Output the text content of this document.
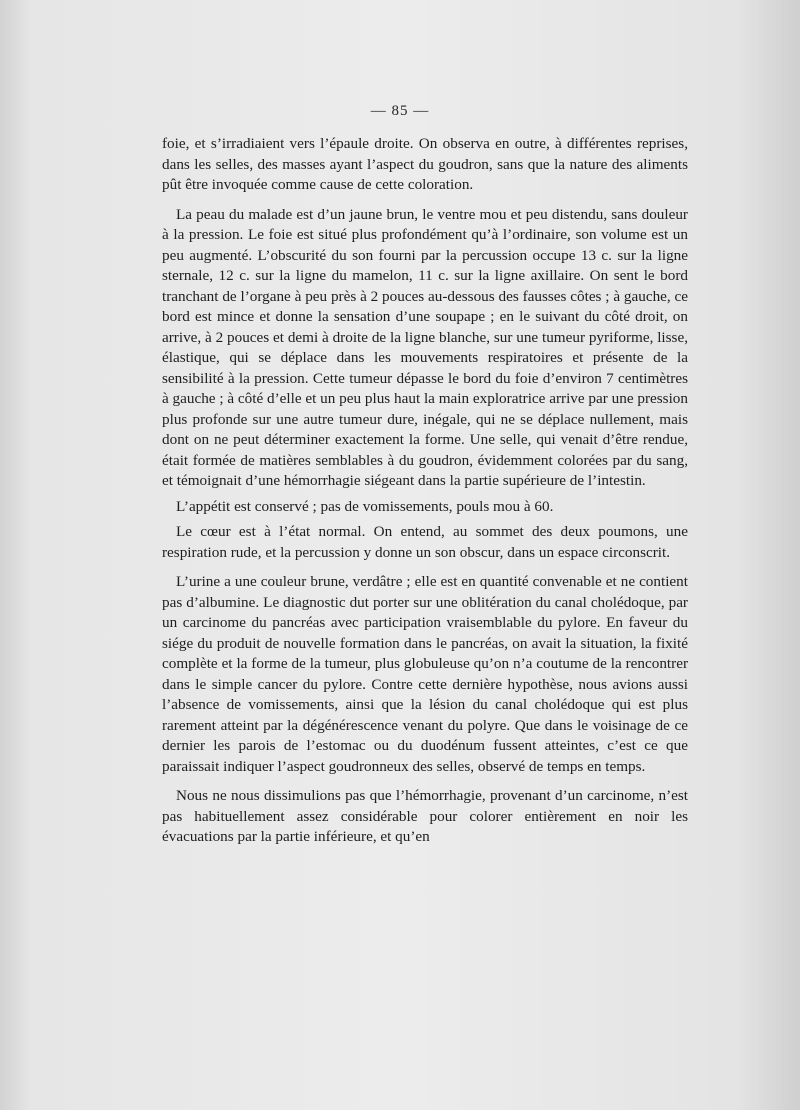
— 85 —

foie, et s’irradiaient vers l’épaule droite. On observa en outre, à différentes reprises, dans les selles, des masses ayant l’aspect du goudron, sans que la nature des aliments pût être invoquée comme cause de cette coloration.

La peau du malade est d’un jaune brun, le ventre mou et peu distendu, sans douleur à la pression. Le foie est situé plus profondément qu’à l’ordinaire, son volume est un peu augmenté. L’obscurité du son fourni par la percussion occupe 13 c. sur la ligne sternale, 12 c. sur la ligne du mamelon, 11 c. sur la ligne axillaire. On sent le bord tranchant de l’organe à peu près à 2 pouces au-dessous des fausses côtes ; à gauche, ce bord est mince et donne la sensation d’une soupape ; en le suivant du côté droit, on arrive, à 2 pouces et demi à droite de la ligne blanche, sur une tumeur pyriforme, lisse, élastique, qui se déplace dans les mouvements respiratoires et présente de la sensibilité à la pression. Cette tumeur dépasse le bord du foie d’environ 7 centimètres à gauche ; à côté d’elle et un peu plus haut la main exploratrice arrive par une pression plus profonde sur une autre tumeur dure, inégale, qui ne se déplace nullement, mais dont on ne peut déterminer exactement la forme. Une selle, qui venait d’être rendue, était formée de matières semblables à du goudron, évidemment colorées par du sang, et témoignait d’une hémorrhagie siégeant dans la partie supérieure de l’intestin.

L’appétit est conservé ; pas de vomissements, pouls mou à 60.

Le cœur est à l’état normal. On entend, au sommet des deux poumons, une respiration rude, et la percussion y donne un son obscur, dans un espace circonscrit.

L’urine a une couleur brune, verdâtre ; elle est en quantité convenable et ne contient pas d’albumine. Le diagnostic dut porter sur une oblitération du canal cholédoque, par un carcinome du pancréas avec participation vraisemblable du pylore. En faveur du siége du produit de nouvelle formation dans le pancréas, on avait la situation, la fixité complète et la forme de la tumeur, plus globuleuse qu’on n’a coutume de la rencontrer dans le simple cancer du pylore. Contre cette dernière hypothèse, nous avions aussi l’absence de vomissements, ainsi que la lésion du canal cholédoque qui est plus rarement atteint par la dégénérescence venant du polyre. Que dans le voisinage de ce dernier les parois de l’estomac ou du duodénum fussent atteintes, c’est ce que paraissait indiquer l’aspect goudronneux des selles, observé de temps en temps.

Nous ne nous dissimulions pas que l’hémorrhagie, provenant d’un carcinome, n’est pas habituellement assez considérable pour colorer entièrement en noir les évacuations par la partie inférieure, et qu’en
